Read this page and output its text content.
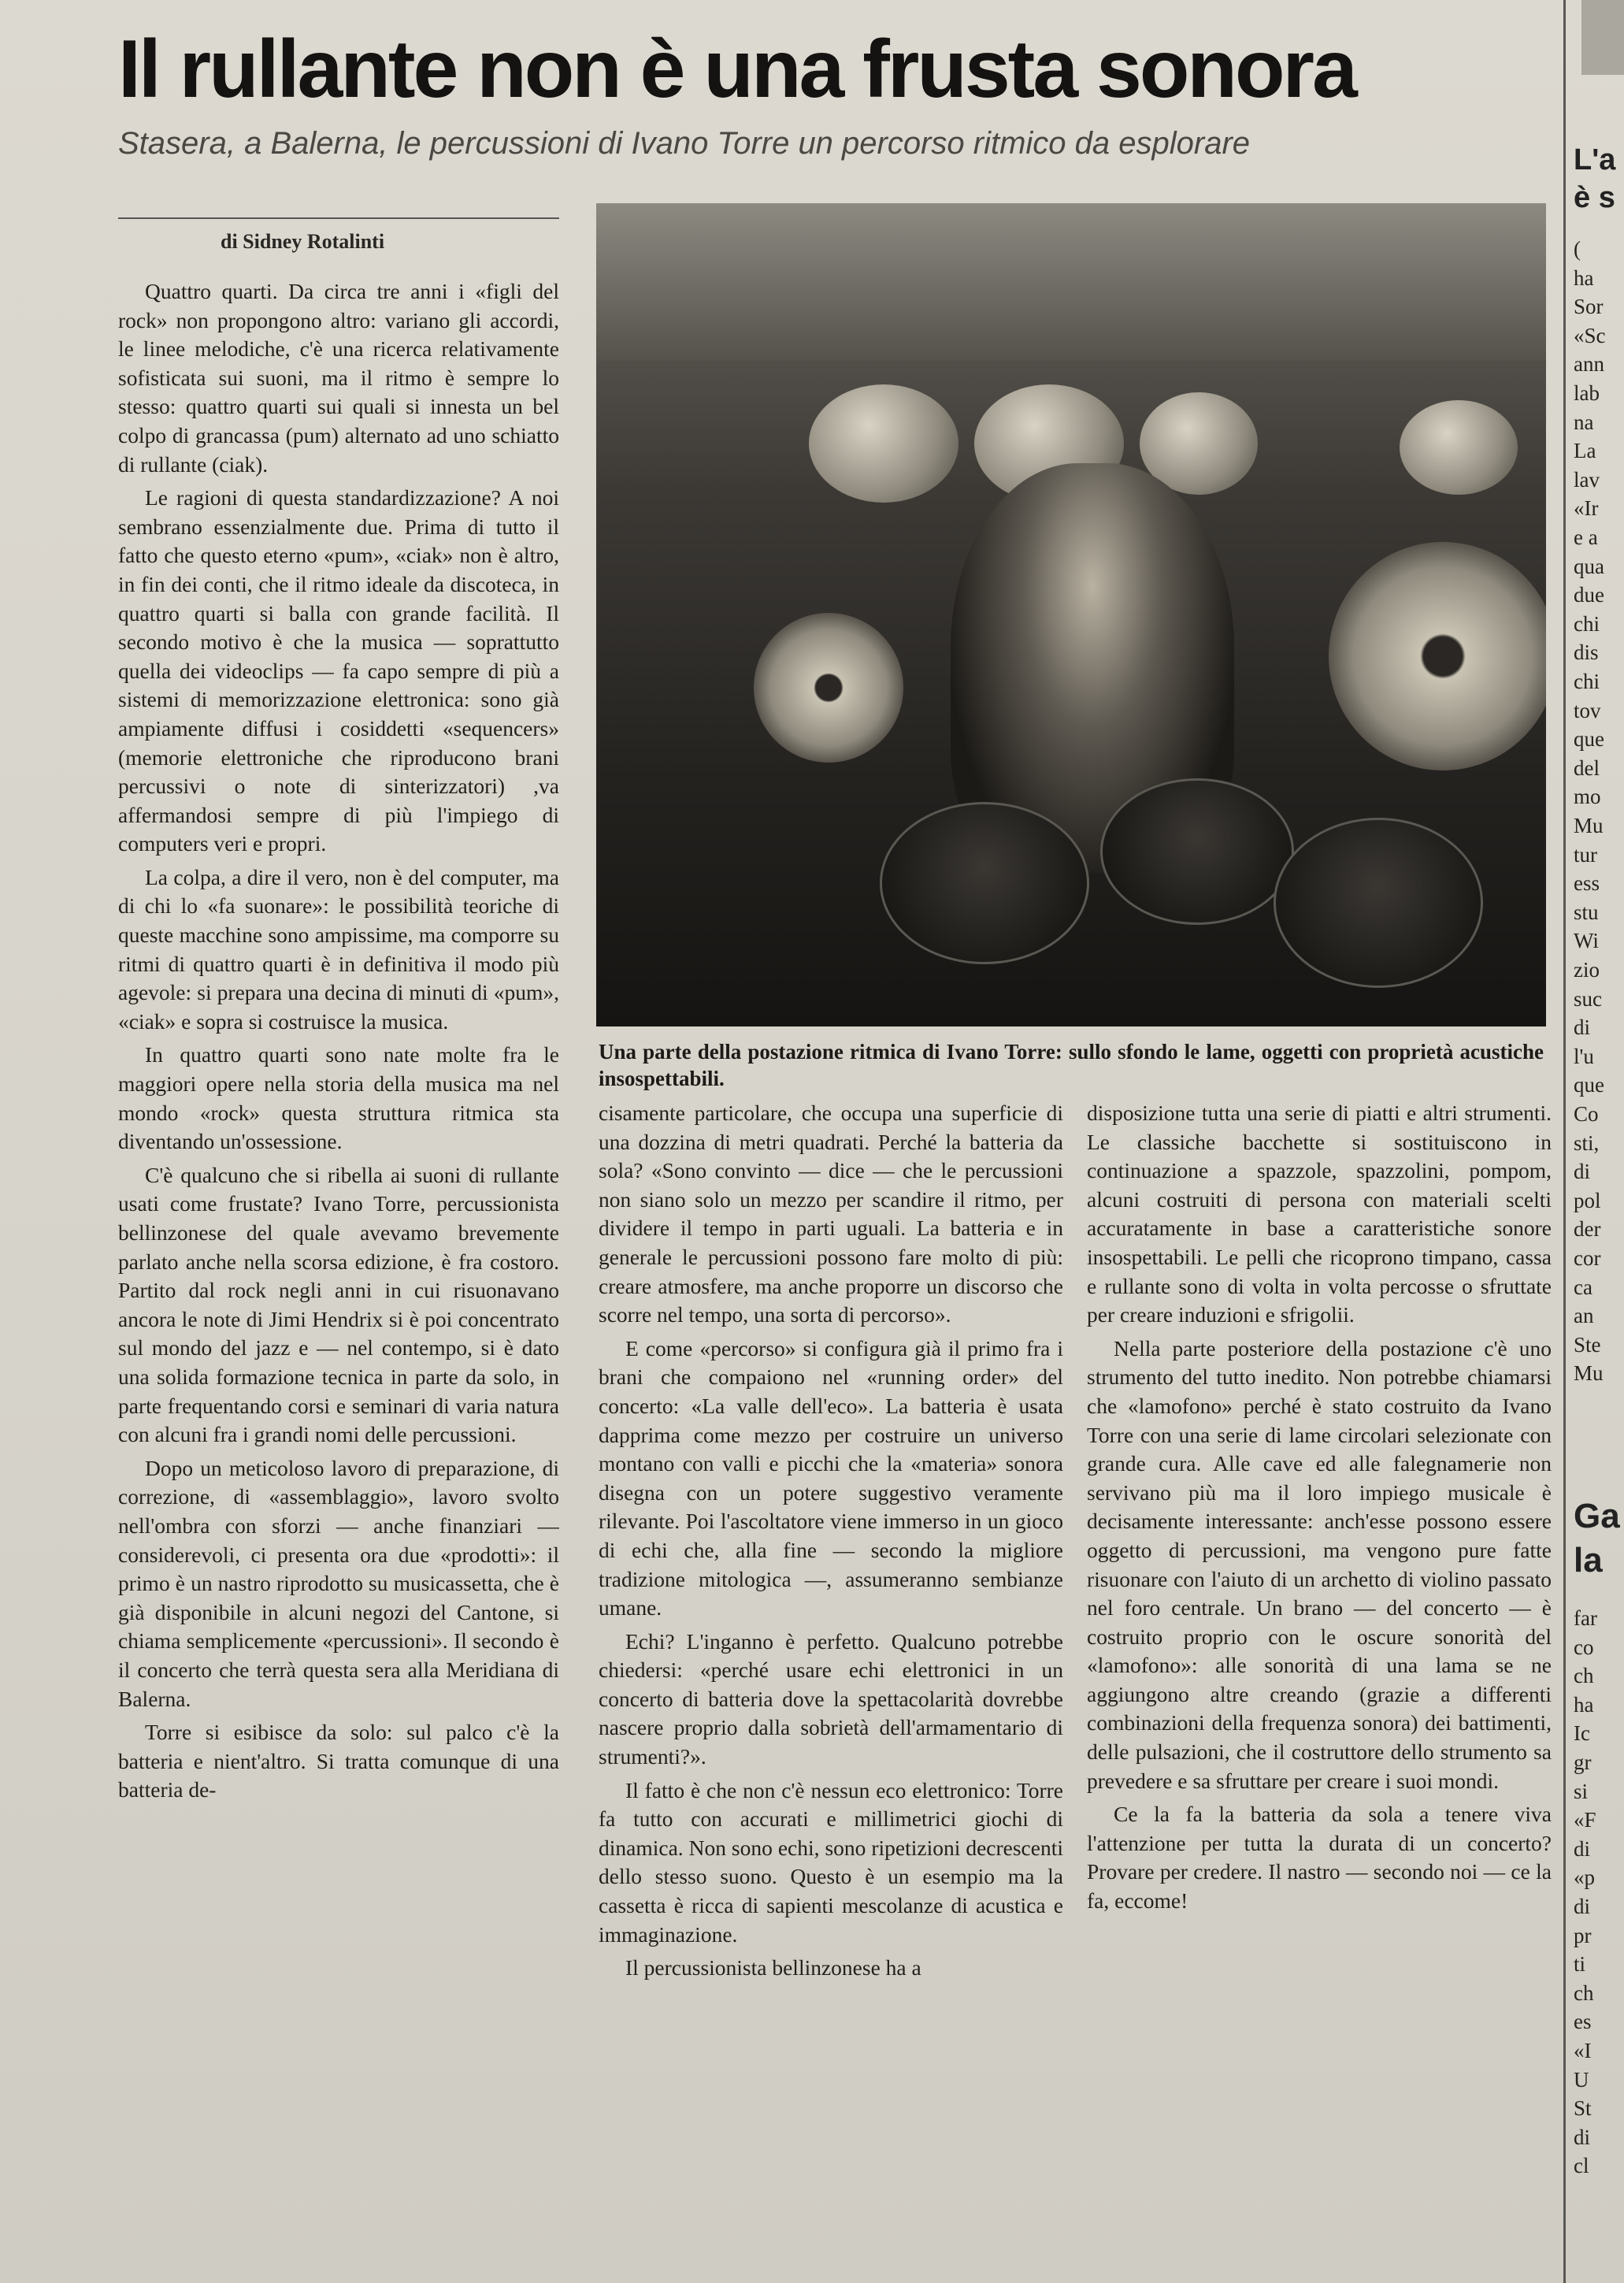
Il rullante non è una frusta sonora
Stasera, a Balerna, le percussioni di Ivano Torre un percorso ritmico da esplorare
di Sidney Rotalinti

Quattro quarti. Da circa tre anni i «figli del rock» non propongono altro: variano gli accordi, le linee melodiche, c'è una ricerca relativamente sofisticata sui suoni, ma il ritmo è sempre lo stesso: quattro quarti sui quali si innesta un bel colpo di grancassa (pum) alternato ad uno schiatto di rullante (ciak).

Le ragioni di questa standardizzazione? A noi sembrano essenzialmente due. Prima di tutto il fatto che questo eterno «pum», «ciak» non è altro, in fin dei conti, che il ritmo ideale da discoteca, in quattro quarti si balla con grande facilità. Il secondo motivo è che la musica — soprattutto quella dei videoclips — fa capo sempre di più a sistemi di memorizzazione elettronica: sono già ampiamente diffusi i cosiddetti «sequencers» (memorie elettroniche che riproducono brani percussivi o note di sinterizzatori) ,va affermandosi sempre di più l'impiego di computers veri e propri.

La colpa, a dire il vero, non è del computer, ma di chi lo «fa suonare»: le possibilità teoriche di queste macchine sono ampissime, ma comporre su ritmi di quattro quarti è in definitiva il modo più agevole: si prepara una decina di minuti di «pum», «ciak» e sopra si costruisce la musica.

In quattro quarti sono nate molte fra le maggiori opere nella storia della musica ma nel mondo «rock» questa struttura ritmica sta diventando un'ossessione.

C'è qualcuno che si ribella ai suoni di rullante usati come frustate? Ivano Torre, percussionista bellinzonese del quale avevamo brevemente parlato anche nella scorsa edizione, è fra costoro. Partito dal rock negli anni in cui risuonavano ancora le note di Jimi Hendrix si è poi concentrato sul mondo del jazz e — nel contempo, si è dato una solida formazione tecnica in parte da solo, in parte frequentando corsi e seminari di varia natura con alcuni fra i grandi nomi delle percussioni.

Dopo un meticoloso lavoro di preparazione, di correzione, di «assemblaggio», lavoro svolto nell'ombra con sforzi — anche finanziari — considerevoli, ci presenta ora due «prodotti»: il primo è un nastro riprodotto su musicassetta, che è già disponibile in alcuni negozi del Cantone, si chiama semplicemente «percussioni». Il secondo è il concerto che terrà questa sera alla Meridiana di Balerna.

Torre si esibisce da solo: sul palco c'è la batteria e nient'altro. Si tratta comunque di una batteria de-

Una parte della postazione ritmica di Ivano Torre: sullo sfondo le lame, oggetti con proprietà acustiche insospettabili.

cisamente particolare, che occupa una superficie di una dozzina di metri quadrati. Perché la batteria da sola? «Sono convinto — dice — che le percussioni non siano solo un mezzo per scandire il ritmo, per dividere il tempo in parti uguali. La batteria e in generale le percussioni possono fare molto di più: creare atmosfere, ma anche proporre un discorso che scorre nel tempo, una sorta di percorso».

E come «percorso» si configura già il primo fra i brani che compaiono nel «running order» del concerto: «La valle dell'eco». La batteria è usata dapprima come mezzo per costruire un universo montano con valli e picchi che la «materia» sonora disegna con un potere suggestivo veramente rilevante. Poi l'ascoltatore viene immerso in un gioco di echi che, alla fine — secondo la migliore tradizione mitologica —, assumeranno sembianze umane.

Echi? L'inganno è perfetto. Qualcuno potrebbe chiedersi: «perché usare echi elettronici in un concerto di batteria dove la spettacolarità dovrebbe nascere proprio dalla sobrietà dell'armamentario di strumenti?».

Il fatto è che non c'è nessun eco elettronico: Torre fa tutto con accurati e millimetrici giochi di dinamica. Non sono echi, sono ripetizioni decrescenti dello stesso suono. Questo è un esempio ma la cassetta è ricca di sapienti mescolanze di acustica e immaginazione.

Il percussionista bellinzonese ha a

disposizione tutta una serie di piatti e altri strumenti. Le classiche bacchette si sostituiscono in continuazione a spazzole, spazzolini, pompom, alcuni costruiti di persona con materiali scelti accuratamente in base a caratteristiche sonore insospettabili. Le pelli che ricoprono timpano, cassa e rullante sono di volta in volta percosse o sfruttate per creare induzioni e sfrigolii.

Nella parte posteriore della postazione c'è uno strumento del tutto inedito. Non potrebbe chiamarsi che «lamofono» perché è stato costruito da Ivano Torre con una serie di lame circolari selezionate con grande cura. Alle cave ed alle falegnamerie non servivano più ma il loro impiego musicale è decisamente interessante: anch'esse possono essere oggetto di percussioni, ma vengono pure fatte risuonare con l'aiuto di un archetto di violino passato nel foro centrale. Un brano — del concerto — è costruito proprio con le oscure sonorità del «lamofono»: alle sonorità di una lama se ne aggiungono altre creando (grazie a differenti combinazioni della frequenza sonora) dei battimenti, delle pulsazioni, che il costruttore dello strumento sa prevedere e sa sfruttare per creare i suoi mondi.

Ce la fa la batteria da sola a tenere viva l'attenzione per tutta la durata di un concerto? Provare per credere. Il nastro — secondo noi — ce la fa, eccome!

L'a
è s
(
ha
Sor
«Sc
ann
lab
na
La
lav
«Ir
e a
qua
due
chi
dis
chi
tov
que
del
mo
Mu
tur
ess
stu
Wi
zio
suc
di
l'u
que
Co
sti,
di
pol
der
cor
ca
an
Ste
Mu
Ga
la
far
co
ch
ha
Ic
gr
si
«F
di
«p
di
pr
ti
ch
es
«I
U
St
di
cl
